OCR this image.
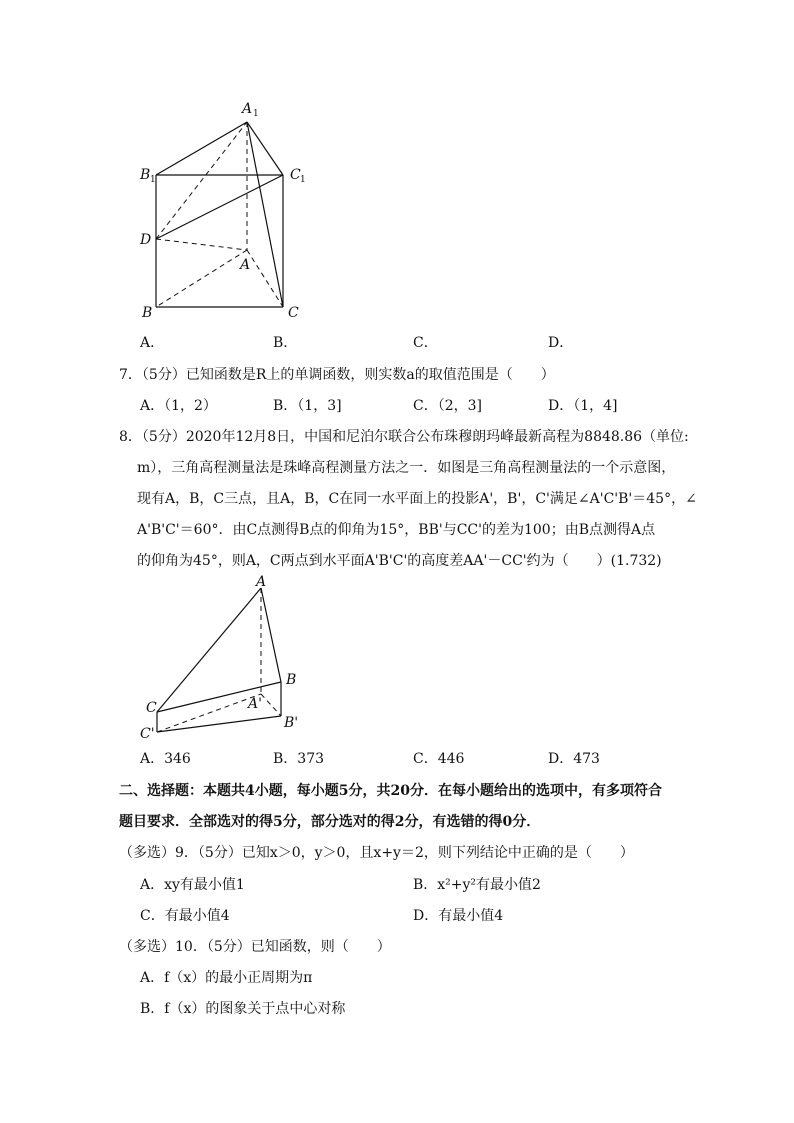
A 1
B 1	C 1
D
A
B	C
A．	B．	C．	D．
7．（5分）已知函数是R上的单调函数，则实数a的取值范围是（　　）
A．（1，2）	B．（1，3]	C．（2，3]	D．（1，4]
8．（5分）2020年12月8日，中国和尼泊尔联合公布珠穆朗玛峰最新高程为8848.86（单位:
m），三角高程测量法是珠峰高程测量方法之一．如图是三角高程测量法的一个示意图，
现有A，B，C三点，且A，B，C在同一水平面上的投影A'，B'，C'满足∠A'C'B'＝45°，∠
A'B'C'＝60°．由C点测得B点的仰角为15°，BB'与CC'的差为100；由B点测得A点
的仰角为45°，则A，C两点到水平面A'B'C'的高度差AA'－CC'约为（　　）(1.732)
A
B
C	A'
B'
C'
A．346	B．373	C．446	D．473
二、选择题：本题共4小题，每小题5分，共20分．在每小题给出的选项中，有多项符合
题目要求．全部选对的得5分，部分选对的得2分，有选错的得0分．
（多选）9．（5分）已知x＞0，y＞0，且x+y＝2，则下列结论中正确的是（　　）
A．xy有最小值1	B．x²+y²有最小值2
C．有最小值4	D．有最小值4
（多选）10．（5分）已知函数，则（　　）
A．f（x）的最小正周期为π
B．f（x）的图象关于点中心对称
